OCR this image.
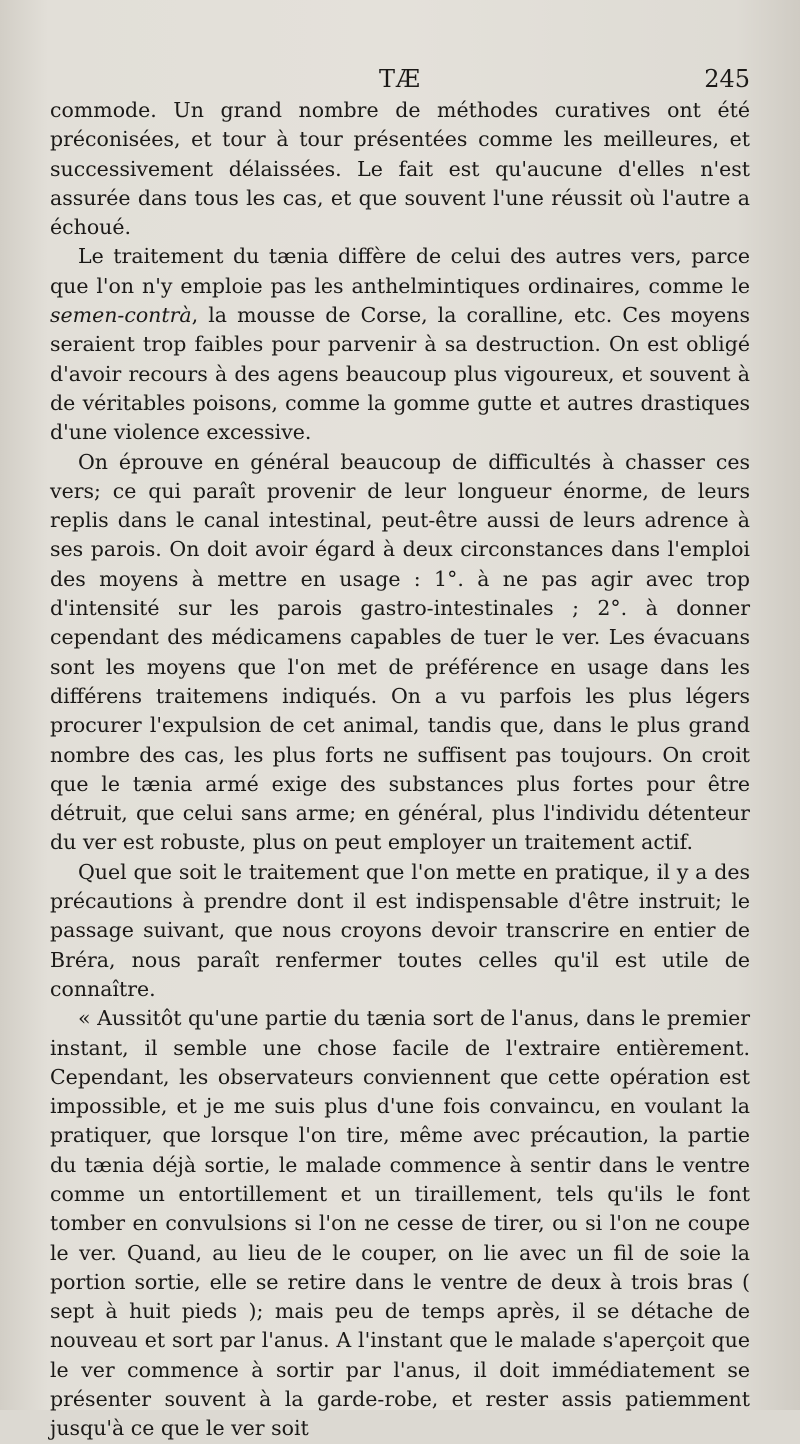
TÆ	245

commode. Un grand nombre de méthodes curatives ont été préconisées, et tour à tour présentées comme les meilleures, et successivement délaissées. Le fait est qu'aucune d'elles n'est assurée dans tous les cas, et que souvent l'une réussit où l'autre a échoué.

Le traitement du tænia diffère de celui des autres vers, parce que l'on n'y emploie pas les anthelmintiques ordinaires, comme le semen-contrà, la mousse de Corse, la coralline, etc. Ces moyens seraient trop faibles pour parvenir à sa destruction. On est obligé d'avoir recours à des agens beaucoup plus vigoureux, et souvent à de véritables poisons, comme la gomme gutte et autres drastiques d'une violence excessive.

On éprouve en général beaucoup de difficultés à chasser ces vers; ce qui paraît provenir de leur longueur énorme, de leurs replis dans le canal intestinal, peut-être aussi de leurs adrence à ses parois. On doit avoir égard à deux circonstances dans l'emploi des moyens à mettre en usage : 1°. à ne pas agir avec trop d'intensité sur les parois gastro-intestinales ; 2°. à donner cependant des médicamens capables de tuer le ver. Les évacuans sont les moyens que l'on met de préférence en usage dans les différens traitemens indiqués. On a vu parfois les plus légers procurer l'expulsion de cet animal, tandis que, dans le plus grand nombre des cas, les plus forts ne suffisent pas toujours. On croit que le tænia armé exige des substances plus fortes pour être détruit, que celui sans arme; en général, plus l'individu détenteur du ver est robuste, plus on peut employer un traitement actif.

Quel que soit le traitement que l'on mette en pratique, il y a des précautions à prendre dont il est indispensable d'être instruit; le passage suivant, que nous croyons devoir transcrire en entier de Bréra, nous paraît renfermer toutes celles qu'il est utile de connaître.

« Aussitôt qu'une partie du tænia sort de l'anus, dans le premier instant, il semble une chose facile de l'extraire entièrement. Cependant, les observateurs conviennent que cette opération est impossible, et je me suis plus d'une fois convaincu, en voulant la pratiquer, que lorsque l'on tire, même avec précaution, la partie du tænia déjà sortie, le malade commence à sentir dans le ventre comme un entortillement et un tiraillement, tels qu'ils le font tomber en convulsions si l'on ne cesse de tirer, ou si l'on ne coupe le ver. Quand, au lieu de le couper, on lie avec un fil de soie la portion sortie, elle se retire dans le ventre de deux à trois bras ( sept à huit pieds ); mais peu de temps après, il se détache de nouveau et sort par l'anus. A l'instant que le malade s'aperçoit que le ver commence à sortir par l'anus, il doit immédiatement se présenter souvent à la garde-robe, et rester assis patiemment jusqu'à ce que le ver soit
